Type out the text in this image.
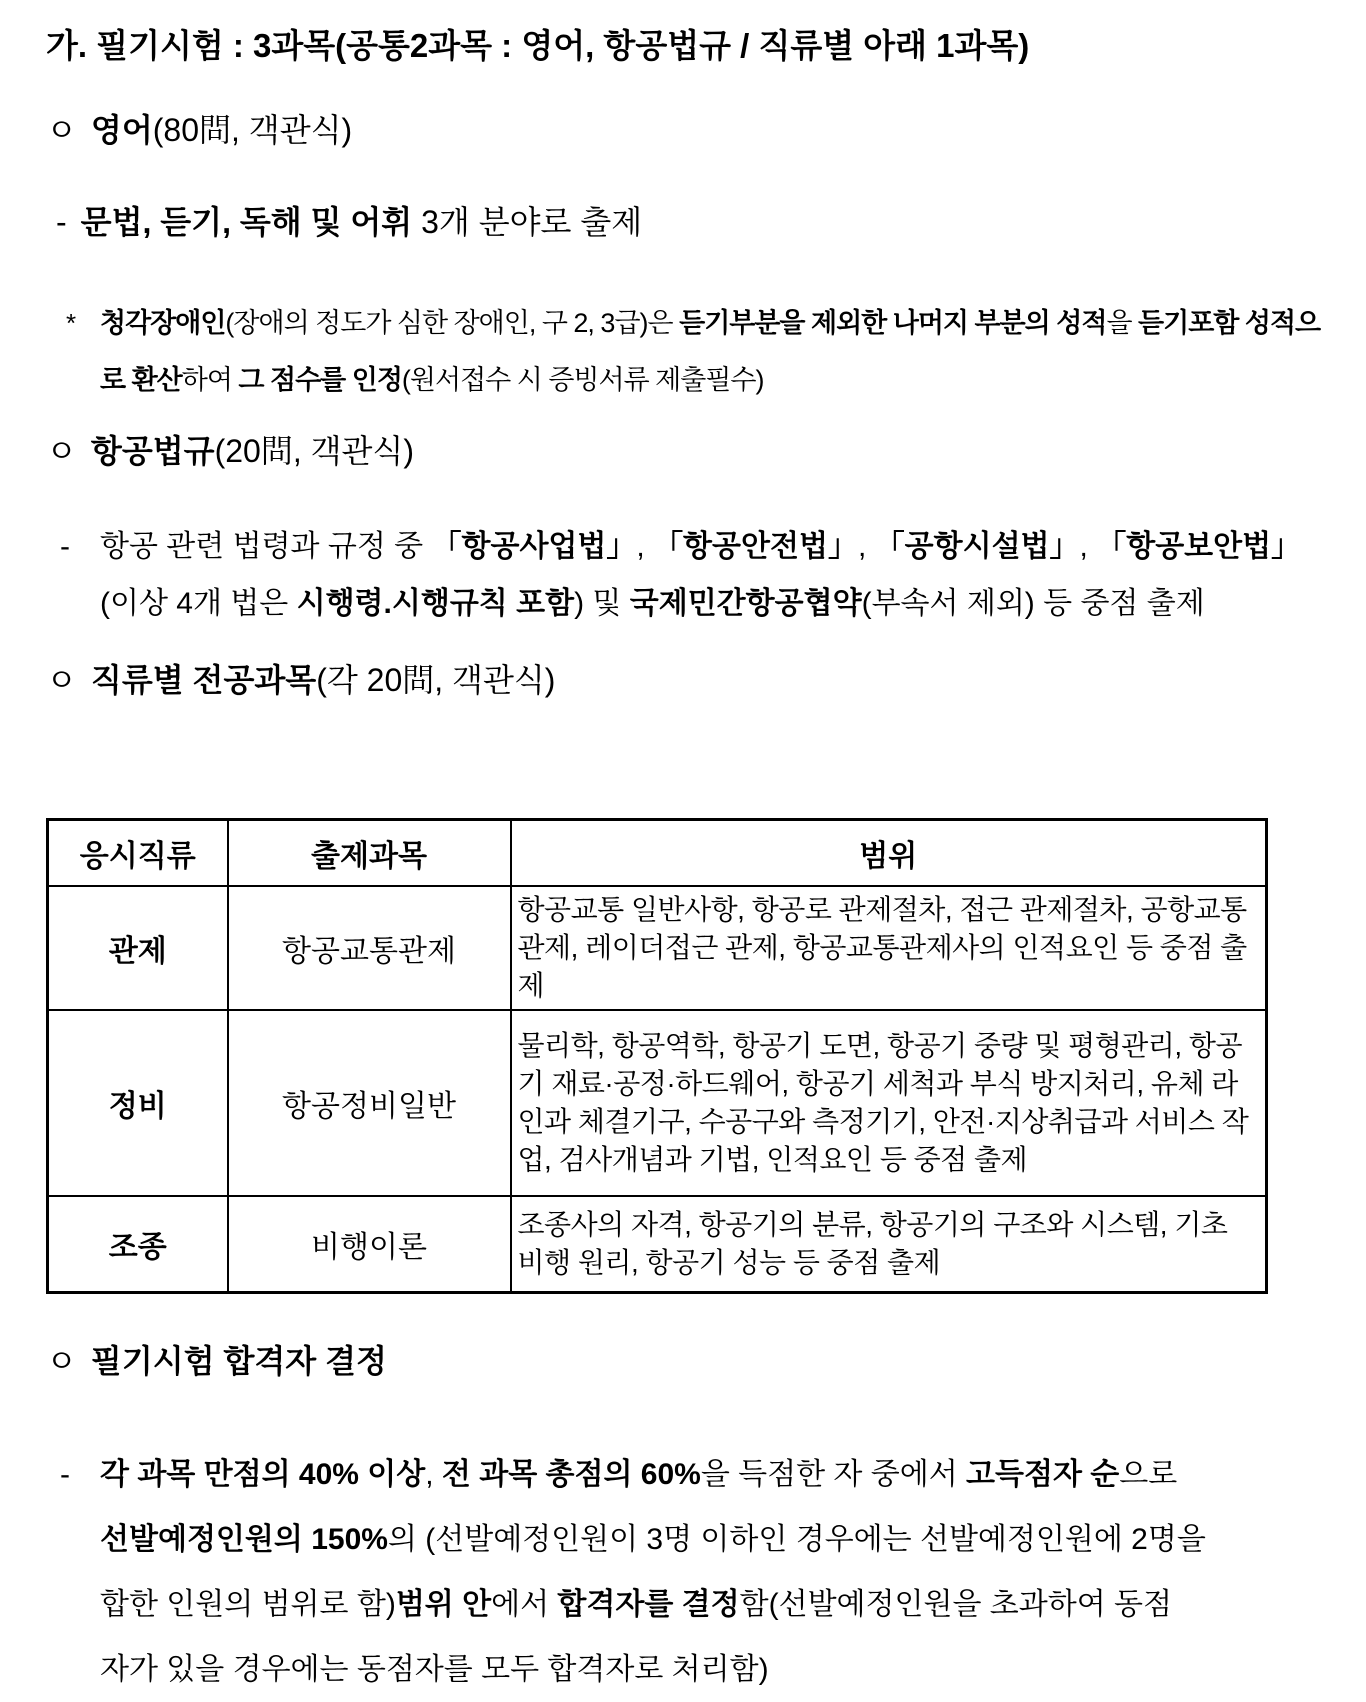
가. 필기시험 : 3과목(공통2과목 : 영어, 항공법규 / 직류별 아래 1과목)
ㅇ 영어(80問, 객관식)
- 문법, 듣기, 독해 및 어휘 3개 분야로 출제
* 청각장애인(장애의 정도가 심한 장애인, 구 2, 3급)은 듣기부분을 제외한 나머지 부분의 성적을 듣기포함 성적으
로 환산하여 그 점수를 인정(원서접수 시 증빙서류 제출필수)
ㅇ 항공법규(20問, 객관식)
- 항공 관련 법령과 규정 중 「항공사업법」, 「항공안전법」, 「공항시설법」, 「항공보안법」
(이상 4개 법은 시행령.시행규칙 포함) 및 국제민간항공협약(부속서 제외) 등 중점 출제
ㅇ 직류별 전공과목(각 20問, 객관식)
응시직류	출제과목	범위
관제	항공교통관제	항공교통 일반사항, 항공로 관제절차, 접근 관제절차, 공항교통관제, 레이더접근 관제, 항공교통관제사의 인적요인 등 중점 출제
정비	항공정비일반	물리학, 항공역학, 항공기 도면, 항공기 중량 및 평형관리, 항공기 재료·공정·하드웨어, 항공기 세척과 부식 방지처리, 유체 라인과 체결기구, 수공구와 측정기기, 안전·지상취급과 서비스 작업, 검사개념과 기법, 인적요인 등 중점 출제
조종	비행이론	조종사의 자격, 항공기의 분류, 항공기의 구조와 시스템, 기초 비행 원리, 항공기 성능 등 중점 출제
ㅇ 필기시험 합격자 결정
- 각 과목 만점의 40% 이상, 전 과목 총점의 60%을 득점한 자 중에서 고득점자 순으로
선발예정인원의 150%의 (선발예정인원이 3명 이하인 경우에는 선발예정인원에 2명을
합한 인원의 범위로 함)범위 안에서 합격자를 결정함(선발예정인원을 초과하여 동점
자가 있을 경우에는 동점자를 모두 합격자로 처리함)
